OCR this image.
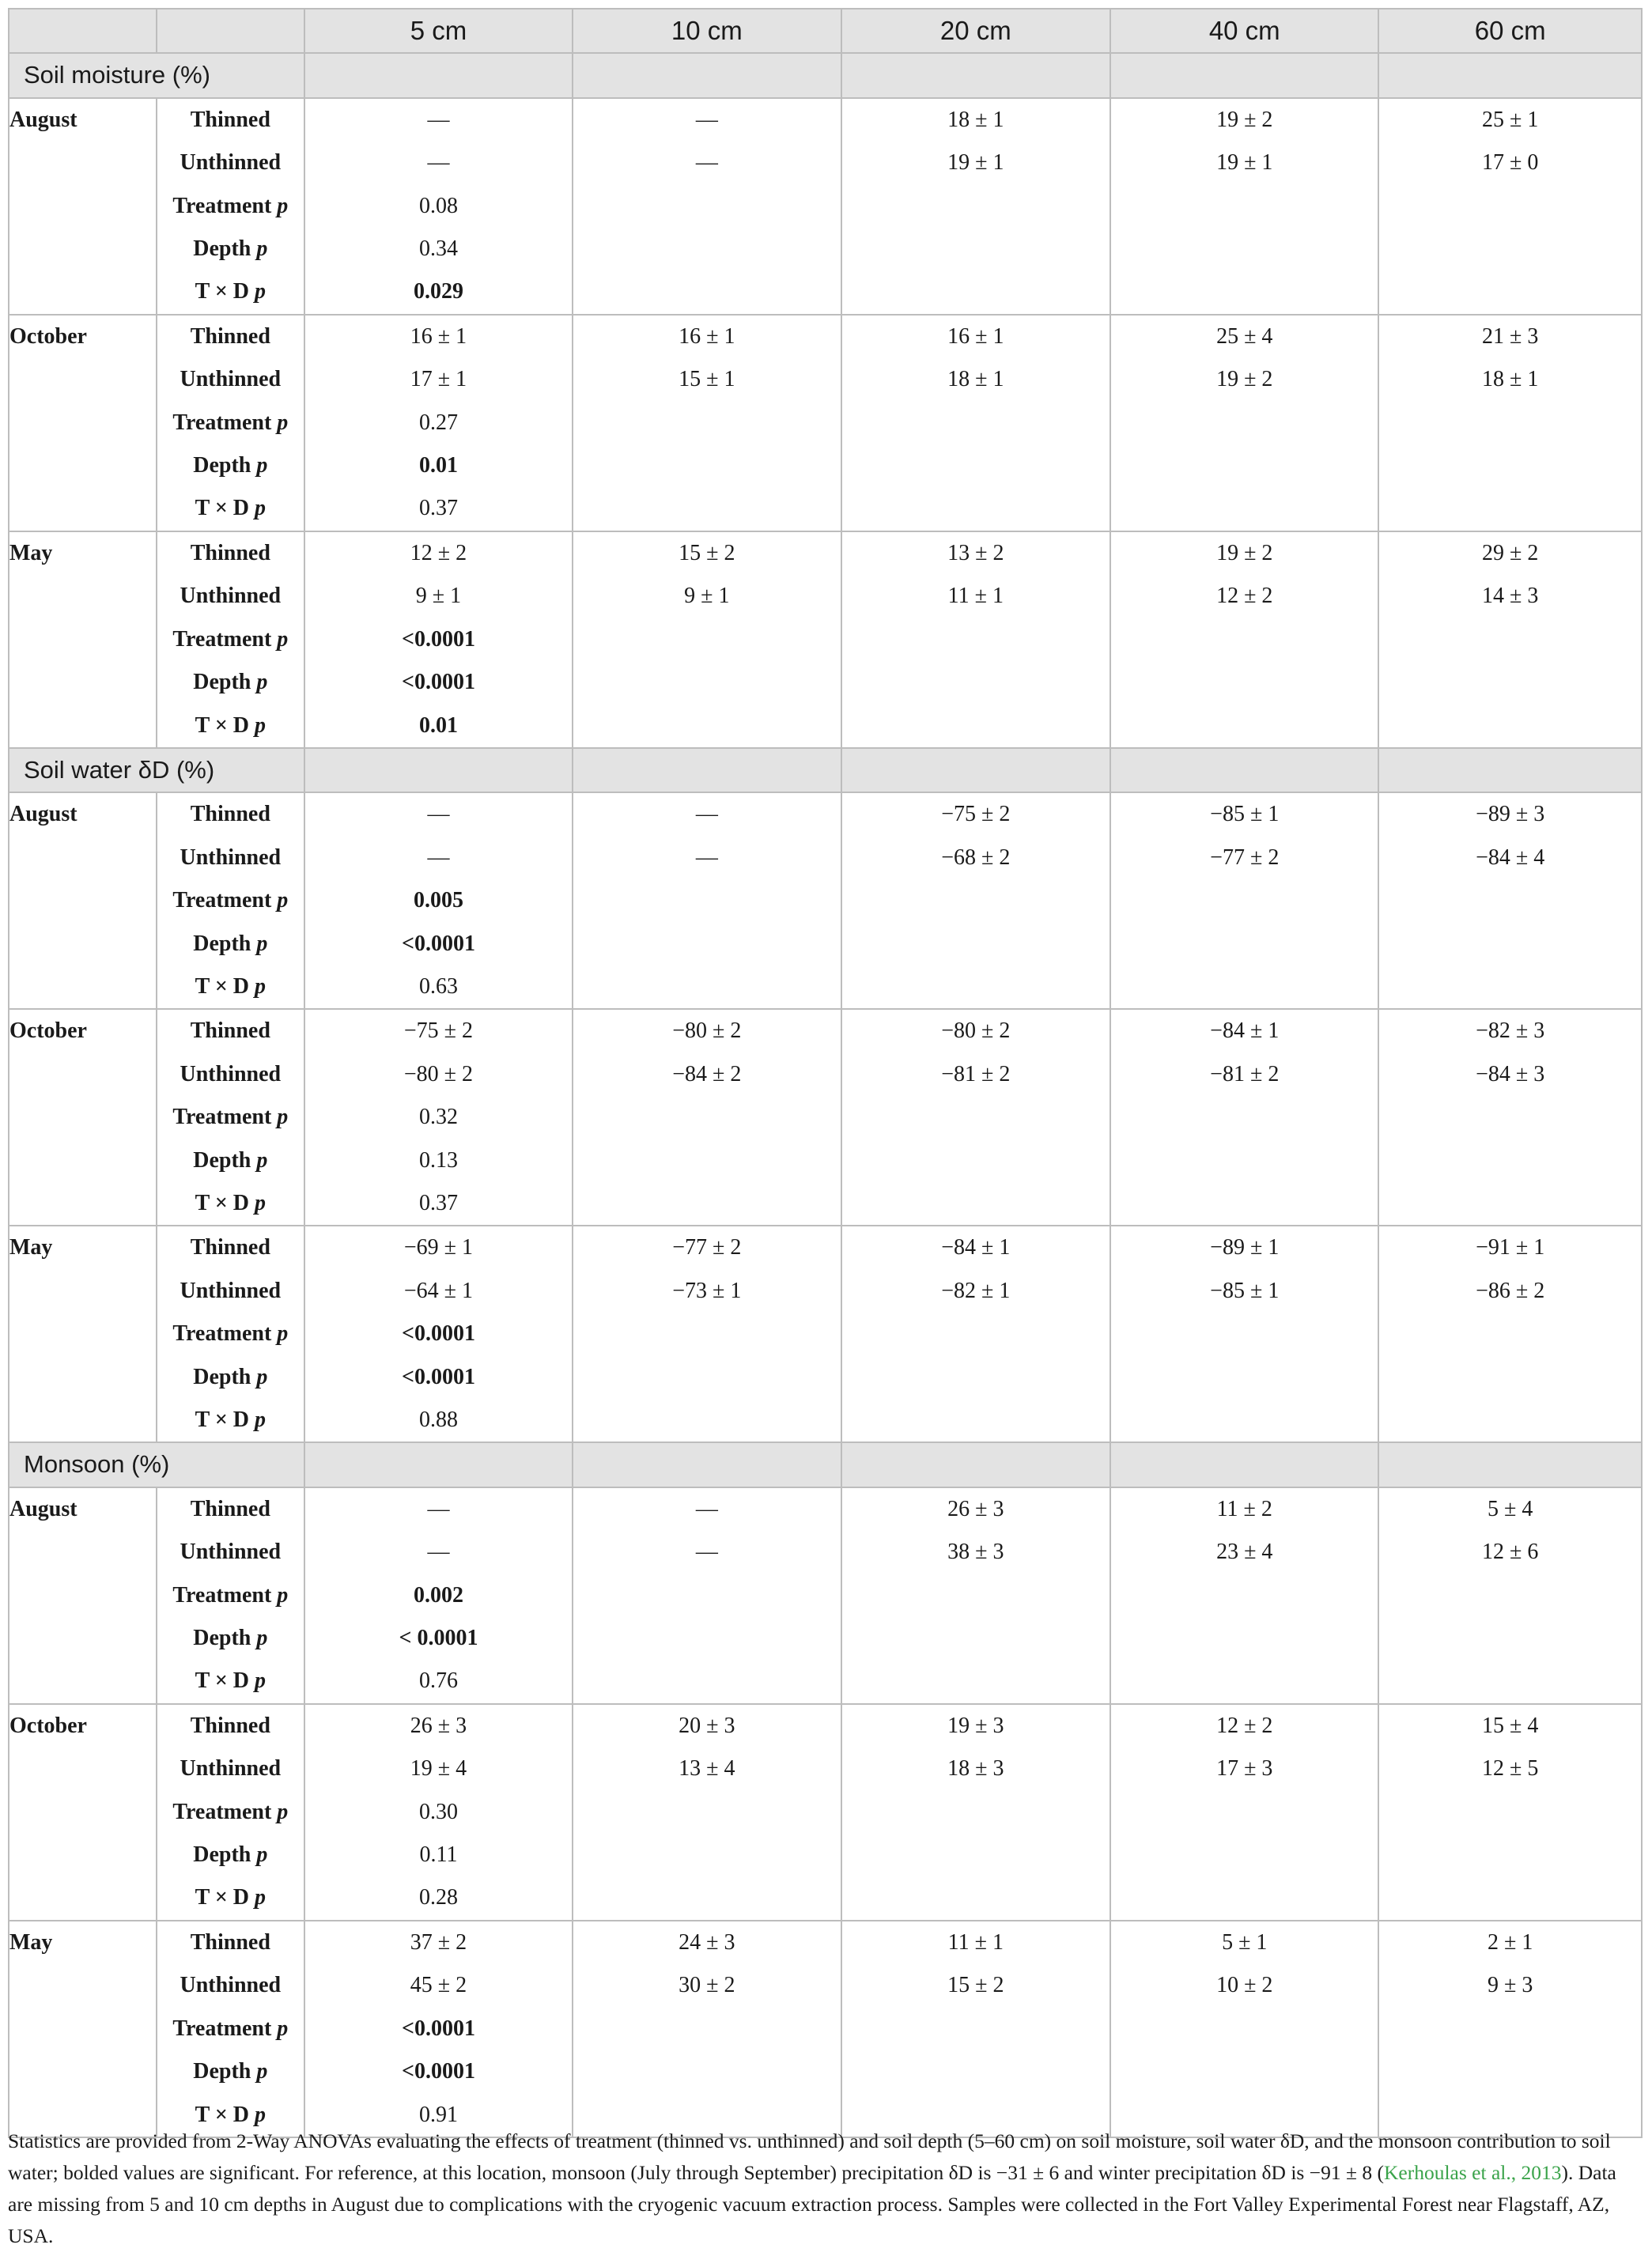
		5 cm	10 cm	20 cm	40 cm	60 cm
Soil moisture (%)						
August	Thinned	—	—	18 ± 1	19 ± 2	25 ± 1
	Unthinned	—	—	19 ± 1	19 ± 1	17 ± 0
	Treatment p	0.08				
	Depth p	0.34				
	T × D p	0.029				
October	Thinned	16 ± 1	16 ± 1	16 ± 1	25 ± 4	21 ± 3
	Unthinned	17 ± 1	15 ± 1	18 ± 1	19 ± 2	18 ± 1
	Treatment p	0.27				
	Depth p	0.01				
	T × D p	0.37				
May	Thinned	12 ± 2	15 ± 2	13 ± 2	19 ± 2	29 ± 2
	Unthinned	9 ± 1	9 ± 1	11 ± 1	12 ± 2	14 ± 3
	Treatment p	<0.0001				
	Depth p	<0.0001				
	T × D p	0.01				
Soil water δD (%)						
August	Thinned	—	—	−75 ± 2	−85 ± 1	−89 ± 3
	Unthinned	—	—	−68 ± 2	−77 ± 2	−84 ± 4
	Treatment p	0.005				
	Depth p	<0.0001				
	T × D p	0.63				
October	Thinned	−75 ± 2	−80 ± 2	−80 ± 2	−84 ± 1	−82 ± 3
	Unthinned	−80 ± 2	−84 ± 2	−81 ± 2	−81 ± 2	−84 ± 3
	Treatment p	0.32				
	Depth p	0.13				
	T × D p	0.37				
May	Thinned	−69 ± 1	−77 ± 2	−84 ± 1	−89 ± 1	−91 ± 1
	Unthinned	−64 ± 1	−73 ± 1	−82 ± 1	−85 ± 1	−86 ± 2
	Treatment p	<0.0001				
	Depth p	<0.0001				
	T × D p	0.88				
Monsoon (%)						
August	Thinned	—	—	26 ± 3	11 ± 2	5 ± 4
	Unthinned	—	—	38 ± 3	23 ± 4	12 ± 6
	Treatment p	0.002				
	Depth p	< 0.0001				
	T × D p	0.76				
October	Thinned	26 ± 3	20 ± 3	19 ± 3	12 ± 2	15 ± 4
	Unthinned	19 ± 4	13 ± 4	18 ± 3	17 ± 3	12 ± 5
	Treatment p	0.30				
	Depth p	0.11				
	T × D p	0.28				
May	Thinned	37 ± 2	24 ± 3	11 ± 1	5 ± 1	2 ± 1
	Unthinned	45 ± 2	30 ± 2	15 ± 2	10 ± 2	9 ± 3
	Treatment p	<0.0001				
	Depth p	<0.0001				
	T × D p	0.91				
Statistics are provided from 2-Way ANOVAs evaluating the effects of treatment (thinned vs. unthinned) and soil depth (5–60 cm) on soil moisture, soil water δD, and the monsoon contribution to soil water; bolded values are significant. For reference, at this location, monsoon (July through September) precipitation δD is −31 ± 6 and winter precipitation δD is −91 ± 8 (Kerhoulas et al., 2013). Data are missing from 5 and 10 cm depths in August due to complications with the cryogenic vacuum extraction process. Samples were collected in the Fort Valley Experimental Forest near Flagstaff, AZ, USA.
